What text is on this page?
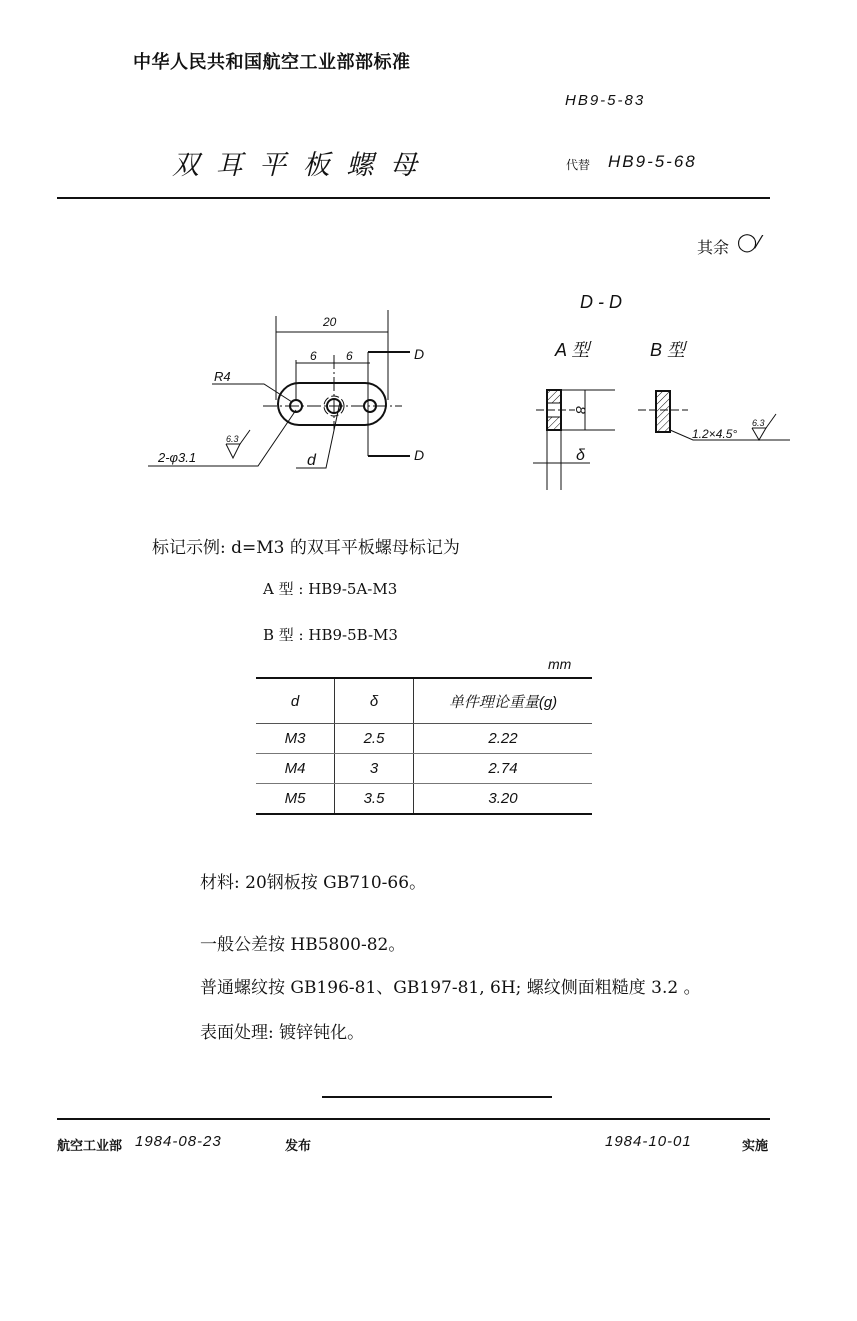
中华人民共和国航空工业部部标准
HB9-5-83
双 耳 平 板 螺 母	代替 HB9-5-68
其余 ◯⁄
20
6 6	D
D
R4
2-φ3.1
6.3
d
D - D
A 型	B 型
8
δ
1.2×4.5°
6.3
标记示例: d=M3 的双耳平板螺母标记为
A 型 : HB9-5A-M3
B 型 : HB9-5B-M3
mm
d	δ	单件理论重量(g)
M3	2.5	2.22
M4	3	2.74
M5	3.5	3.20
材料: 20钢板按 GB710-66。
一般公差按 HB5800-82。
普通螺纹按 GB196-81、GB197-81, 6H; 螺纹侧面粗糙度 3.2 。
表面处理: 镀锌钝化。
航空工业部 1984-08-23	发布	1984-10-01	实施
